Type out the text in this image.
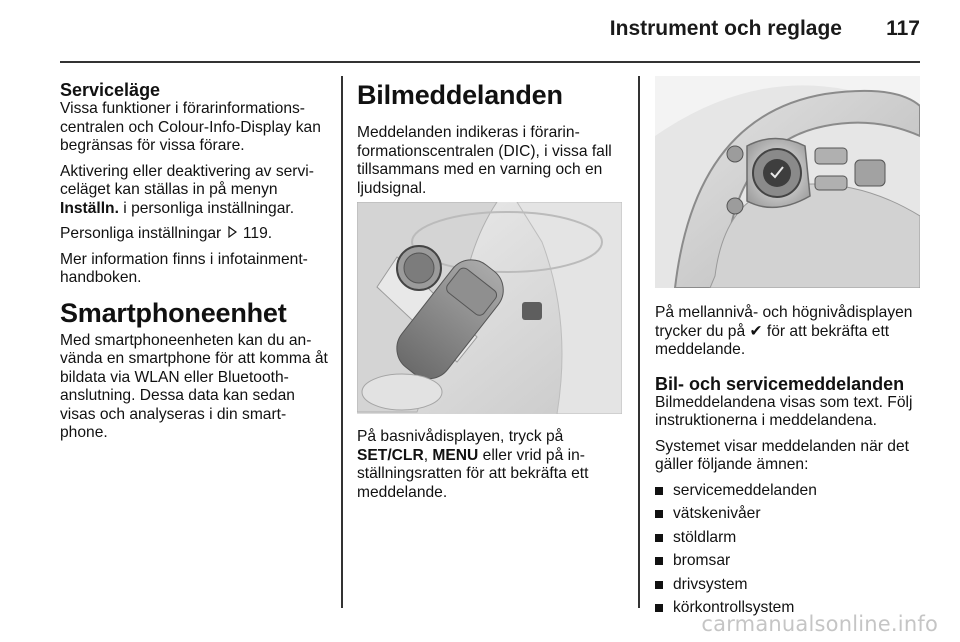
Instrument och reglage 117
Serviceläge

Vissa funktioner i förarinformations-centralen och Colour-Info-Display kan begränsas för vissa förare.

Aktivering eller deaktivering av servi-celäget kan ställas in på menyn Inställn. i personliga inställningar.

Personliga inställningar 119.

Mer information finns i infotainment-handboken.

Smartphoneenhet

Med smartphoneenheten kan du an-vända en smartphone för att komma åt bildata via WLAN eller Bluetooth-anslutning. Dessa data kan sedan visas och analyseras i din smart-phone.

Bilmeddelanden

Meddelanden indikeras i förarin-formationscentralen (DIC), i vissa fall tillsammans med en varning och en ljudsignal.

På basnivådisplayen, tryck på SET/CLR, MENU eller vrid på in-ställningsratten för att bekräfta ett meddelande.

På mellannivå- och högnivådisplayen trycker du på ✔ för att bekräfta ett meddelande.

Bil- och servicemeddelanden

Bilmeddelandena visas som text. Följ instruktionerna i meddelandena.

Systemet visar meddelanden när det gäller följande ämnen:

servicemeddelanden
vätskenivåer
stöldlarm
bromsar
drivsystem
körkontrollsystem
carmanualsonline.info
